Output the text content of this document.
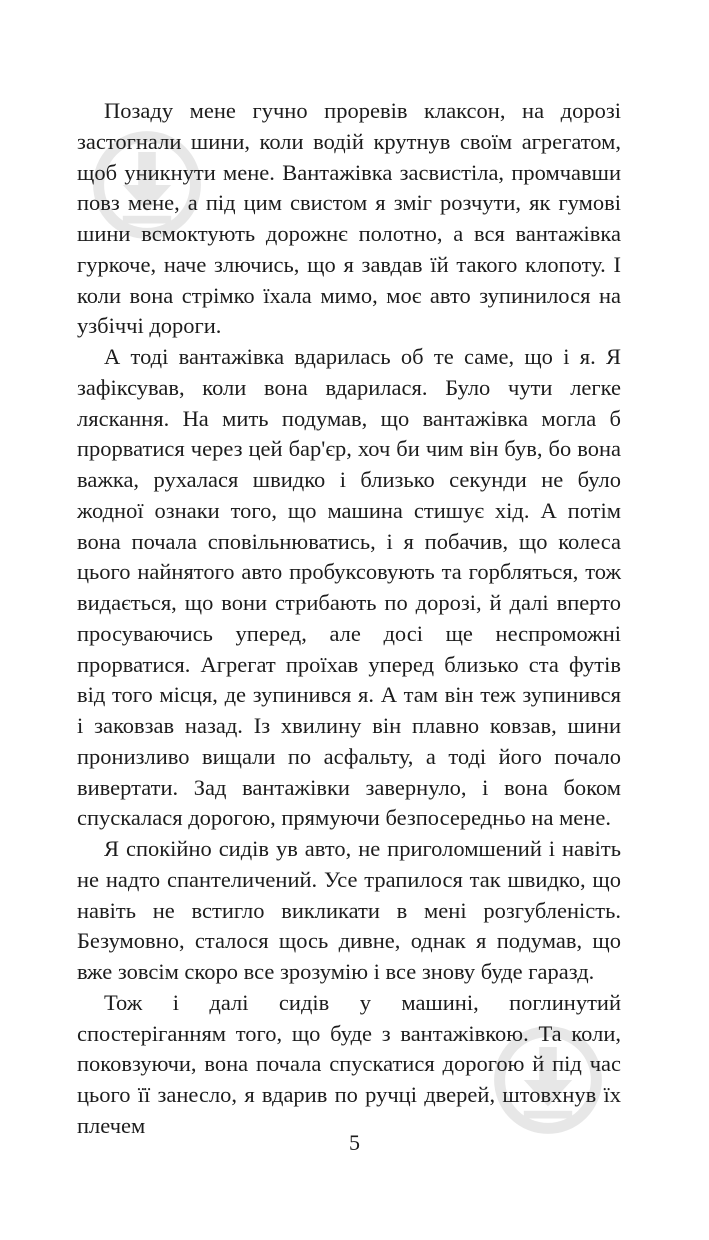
Позаду мене гучно проревів клаксон, на дорозі застогнали шини, коли водій крутнув своїм агрегатом, щоб уникнути мене. Вантажівка засвистіла, промчавши повз мене, а під цим свистом я зміг розчути, як гумові шини всмоктують дорожнє полотно, а вся вантажівка гуркоче, наче злючись, що я завдав їй такого клопоту. І коли вона стрімко їхала мимо, моє авто зупинилося на узбіччі дороги.

А тоді вантажівка вдарилась об те саме, що і я. Я зафіксував, коли вона вдарилася. Було чути легке ляскання. На мить подумав, що вантажівка могла б прорватися через цей бар'єр, хоч би чим він був, бо вона важка, рухалася швидко і близько секунди не було жодної ознаки того, що машина стишує хід. А потім вона почала сповільнюватись, і я побачив, що колеса цього найнятого авто пробуксовують та горбляться, тож видається, що вони стрибають по дорозі, й далі вперто просуваючись уперед, але досі ще неспроможні прорватися. Агрегат проїхав уперед близько ста футів від того місця, де зупинився я. А там він теж зупинився і заковзав назад. Із хвилину він плавно ковзав, шини пронизливо вищали по асфальту, а тоді його почало вивертати. Зад вантажівки завернуло, і вона боком спускалася дорогою, прямуючи безпосередньо на мене.

Я спокійно сидів ув авто, не приголомшений і навіть не надто спантеличений. Усе трапилося так швидко, що навіть не встигло викликати в мені розгубленість. Безумовно, сталося щось дивне, однак я подумав, що вже зовсім скоро все зрозумію і все знову буде гаразд.

Тож і далі сидів у машині, поглинутий спостеріганням того, що буде з вантажівкою. Та коли, поковзуючи, вона почала спускатися дорогою й під час цього її занесло, я вдарив по ручці дверей, штовхнув їх плечем

5
